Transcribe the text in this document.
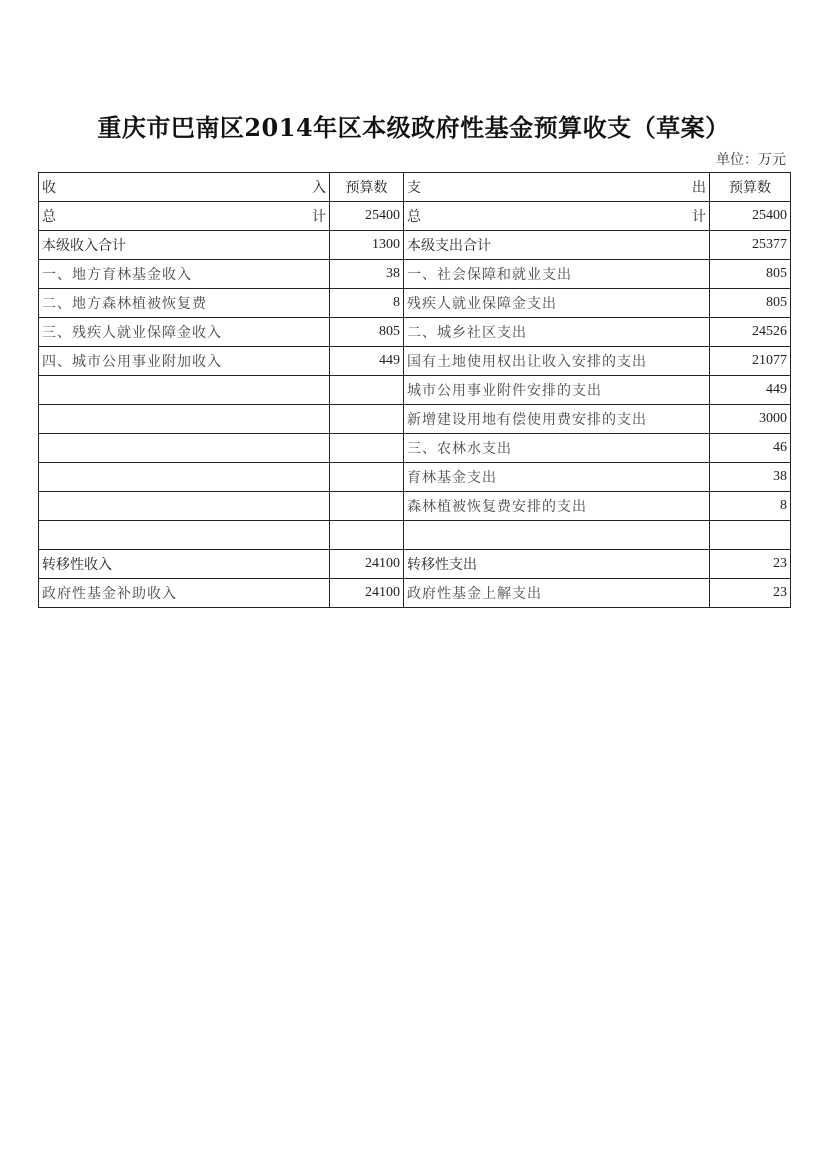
重庆市巴南区2014年区本级政府性基金预算收支（草案）
单位：万元
收　入	预算数	支　出	预算数
总 计	25400	总 计	25400
本级收入合计	1300	本级支出合计	25377
一、地方育林基金收入	38	一、社会保障和就业支出	805
二、地方森林植被恢复费	8	残疾人就业保障金支出	805
三、残疾人就业保障金收入	805	二、城乡社区支出	24526
四、城市公用事业附加收入	449	国有土地使用权出让收入安排的支出	21077
		城市公用事业附件安排的支出	449
		新增建设用地有偿使用费安排的支出	3000
		三、农林水支出	46
		育林基金支出	38
		森林植被恢复费安排的支出	8

转移性收入	24100	转移性支出	23
政府性基金补助收入	24100	政府性基金上解支出	23
